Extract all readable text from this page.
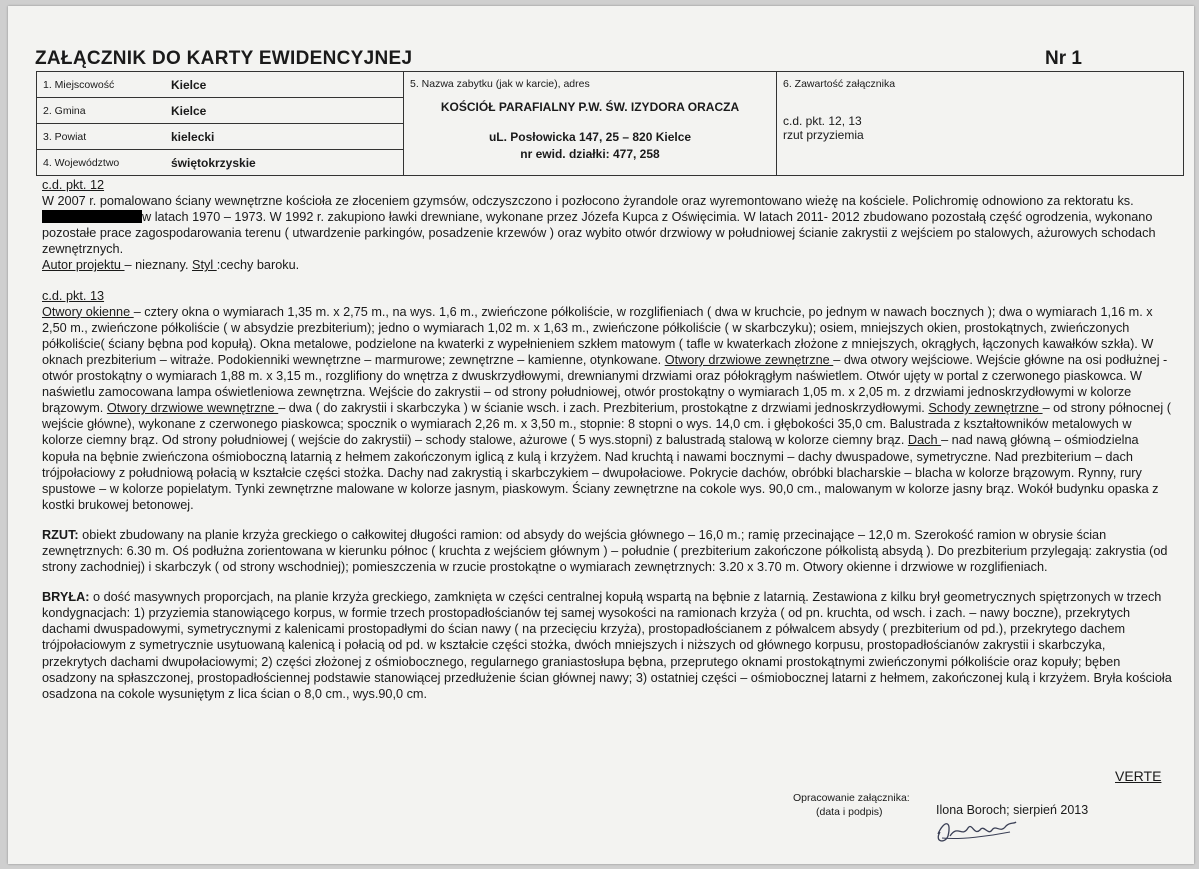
ZAŁĄCZNIK DO KARTY EWIDENCYJNEJ	Nr 1
1. Miejscowość	Kielce
2. Gmina	Kielce
3. Powiat	kielecki
4. Województwo	świętokrzyskie
5. Nazwa zabytku (jak w karcie), adres
KOŚCIÓŁ PARAFIALNY P.W. ŚW. IZYDORA ORACZA
uL. Posłowicka 147, 25 – 820 Kielce
nr ewid. działki: 477, 258
6. Zawartość załącznika
c.d. pkt. 12, 13
rzut przyziemia

c.d. pkt. 12
W 2007 r. pomalowano ściany wewnętrzne kościoła ze złoceniem gzymsów, odczyszczono i pozłocono żyrandole oraz wyremontowano wieżę na kościele. Polichromię odnowiono za rektoratu ks. w latach 1970 – 1973. W 1992 r. zakupiono ławki drewniane, wykonane przez Józefa Kupca z Oświęcimia. W latach 2011- 2012 zbudowano pozostałą część ogrodzenia, wykonano pozostałe prace zagospodarowania terenu ( utwardzenie parkingów, posadzenie krzewów ) oraz wybito otwór drzwiowy w południowej ścianie zakrystii z wejściem po stalowych, ażurowych schodach zewnętrznych.
Autor projektu – nieznany. Styl :cechy baroku.

c.d. pkt. 13
Otwory okienne – cztery okna o wymiarach 1,35 m. x 2,75 m., na wys. 1,6 m., zwieńczone półkoliście, w rozglifieniach ( dwa w kruchcie, po jednym w nawach bocznych ); dwa o wymiarach 1,16 m. x 2,50 m., zwieńczone półkoliście ( w absydzie prezbiterium); jedno o wymiarach 1,02 m. x 1,63 m., zwieńczone półkoliście ( w skarbczyku); osiem, mniejszych okien, prostokątnych, zwieńczonych półkoliście( ściany bębna pod kopułą). Okna metalowe, podzielone na kwaterki z wypełnieniem szkłem matowym ( tafle w kwaterkach złożone z mniejszych, okrągłych, łączonych kawałków szkła). W oknach prezbiterium – witraże. Podokienniki wewnętrzne – marmurowe; zewnętrzne – kamienne, otynkowane. Otwory drzwiowe zewnętrzne – dwa otwory wejściowe. Wejście główne na osi podłużnej - otwór prostokątny o wymiarach 1,88 m. x 3,15 m., rozglifiony do wnętrza z dwuskrzydłowymi, drewnianymi drzwiami oraz półokrągłym naświetlem. Otwór ujęty w portal z czerwonego piaskowca. W naświetlu zamocowana lampa oświetleniowa zewnętrzna. Wejście do zakrystii – od strony południowej, otwór prostokątny o wymiarach 1,05 m. x 2,05 m. z drzwiami jednoskrzydłowymi w kolorze brązowym. Otwory drzwiowe wewnętrzne – dwa ( do zakrystii i skarbczyka ) w ścianie wsch. i zach. Prezbiterium, prostokątne z drzwiami jednoskrzydłowymi. Schody zewnętrzne – od strony północnej ( wejście główne), wykonane z czerwonego piaskowca; spocznik o wymiarach 2,26 m. x 3,50 m., stopnie: 8 stopni o wys. 14,0 cm. i głębokości 35,0 cm. Balustrada z kształtowników metalowych w kolorze ciemny brąz. Od strony południowej ( wejście do zakrystii) – schody stalowe, ażurowe ( 5 wys.stopni) z balustradą stalową w kolorze ciemny brąz. Dach – nad nawą główną – ośmiodzielna kopuła na bębnie zwieńczona ośmioboczną latarnią z hełmem zakończonym iglicą z kulą i krzyżem. Nad kruchtą i nawami bocznymi – dachy dwuspadowe, symetryczne. Nad prezbiterium – dach trójpołaciowy z południową połacią w kształcie części stożka. Dachy nad zakrystią i skarbczykiem – dwupołaciowe. Pokrycie dachów, obróbki blacharskie – blacha w kolorze brązowym. Rynny, rury spustowe – w kolorze popielatym. Tynki zewnętrzne malowane w kolorze jasnym, piaskowym. Ściany zewnętrzne na cokole wys. 90,0 cm., malowanym w kolorze jasny brąz. Wokół budynku opaska z kostki brukowej betonowej.

RZUT: obiekt zbudowany na planie krzyża greckiego o całkowitej długości ramion: od absydy do wejścia głównego – 16,0 m.; ramię przecinające – 12,0 m. Szerokość ramion w obrysie ścian zewnętrznych: 6.30 m. Oś podłużna zorientowana w kierunku północ ( kruchta z wejściem głównym ) – południe ( prezbiterium zakończone półkolistą absydą ). Do prezbiterium przylegają: zakrystia (od strony zachodniej) i skarbczyk ( od strony wschodniej); pomieszczenia w rzucie prostokątne o wymiarach zewnętrznych: 3.20 x 3.70 m. Otwory okienne i drzwiowe w rozglifieniach.

BRYŁA: o dość masywnych proporcjach, na planie krzyża greckiego, zamknięta w części centralnej kopułą wspartą na bębnie z latarnią. Zestawiona z kilku brył geometrycznych spiętrzonych w trzech kondygnacjach: 1) przyziemia stanowiącego korpus, w formie trzech prostopadłościanów tej samej wysokości na ramionach krzyża ( od pn. kruchta, od wsch. i zach. – nawy boczne), przekrytych dachami dwuspadowymi, symetrycznymi z kalenicami prostopadłymi do ścian nawy ( na przecięciu krzyża), prostopadłościanem z półwalcem absydy ( prezbiterium od pd.), przekrytego dachem trójpołaciowym z symetrycznie usytuowaną kalenicą i połacią od pd. w kształcie części stożka, dwóch mniejszych i niższych od głównego korpusu, prostopadłościanów zakrystii i skarbczyka, przekrytych dachami dwupołaciowymi; 2) części złożonej z ośmiobocznego, regularnego graniastosłupa bębna, przeprutego oknami prostokątnymi zwieńczonymi półkoliście oraz kopuły; bęben osadzony na spłaszczonej, prostopadłościennej podstawie stanowiącej przedłużenie ścian głównej nawy; 3) ostatniej części – ośmiobocznej latarni z hełmem, zakończonej kulą i krzyżem. Bryła kościoła osadzona na cokole wysuniętym z lica ścian o 8,0 cm., wys.90,0 cm.

VERTE
Opracowanie załącznika:
(data i podpis)	Ilona Boroch; sierpień 2013
